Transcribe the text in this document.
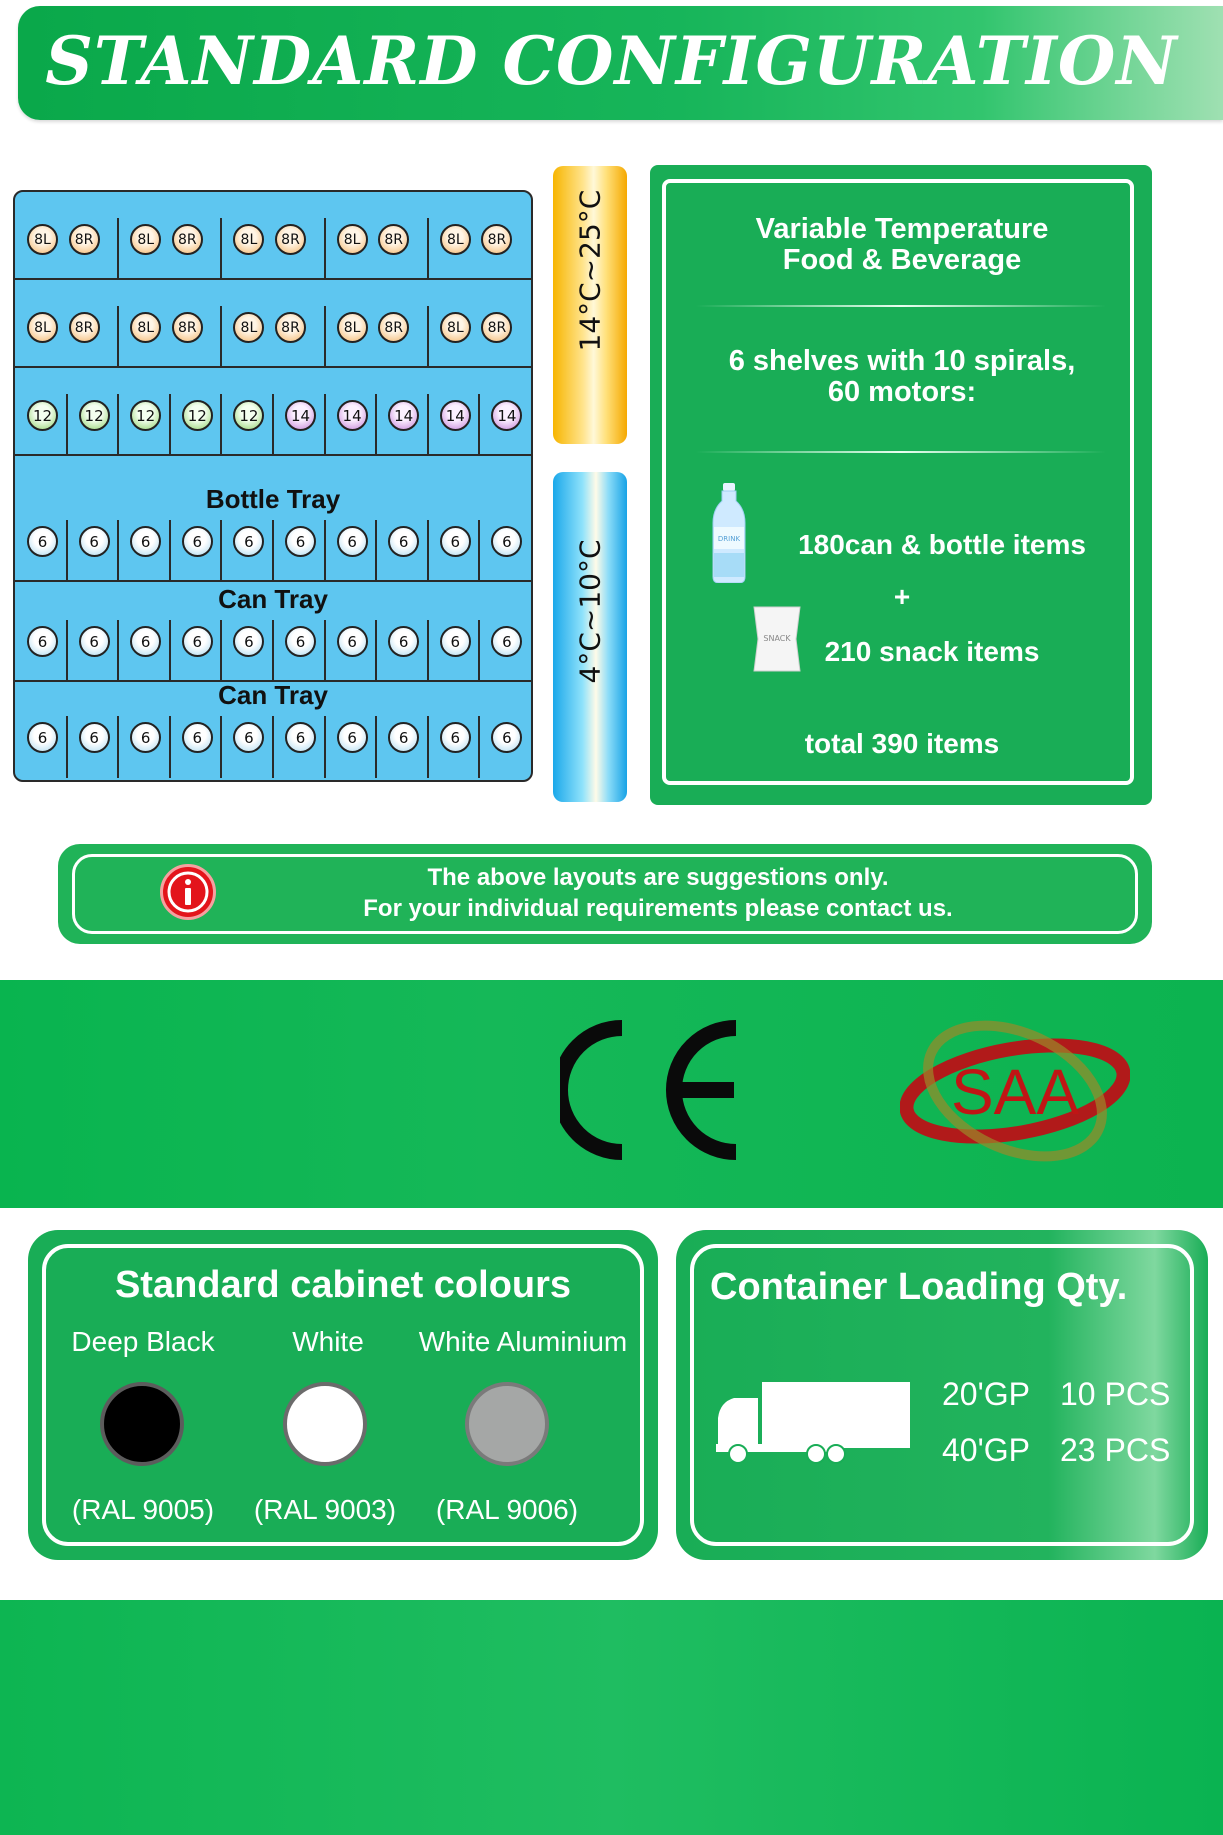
STANDARD CONFIGURATION
8L	8R	8L	8R	8L	8R	8L	8R	8L	8R
8L	8R	8L	8R	8L	8R	8L	8R	8L	8R
12	12	12	12	12	14	14	14	14	14
Bottle Tray
6	6	6	6	6	6	6	6	6	6
Can Tray
6	6	6	6	6	6	6	6	6	6
Can Tray
6	6	6	6	6	6	6	6	6	6
14°C~25°C
4°C~10°C
Variable Temperature
Food & Beverage
6 shelves with 10 spirals,
60 motors:
DRINK	180can & bottle items
+
SNACK	210 snack items
total 390 items
The above layouts are suggestions only.
For your individual requirements please contact us.
SAA
Standard cabinet colours
Deep Black	White	White Aluminium
(RAL 9005)	(RAL 9003)	(RAL 9006)
Container Loading Qty.
20'GP 10 PCS
40'GP 23 PCS
